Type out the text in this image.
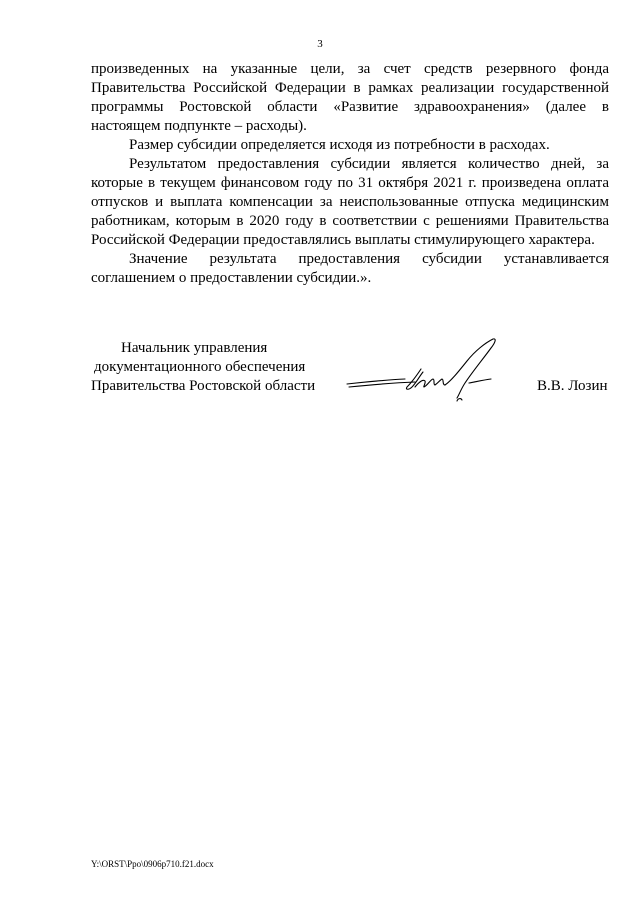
3

произведенных на указанные цели, за счет средств резервного фонда Правительства Российской Федерации в рамках реализации государственной программы Ростовской области «Развитие здравоохранения» (далее в настоящем подпункте – расходы).

Размер субсидии определяется исходя из потребности в расходах.

Результатом предоставления субсидии является количество дней, за которые в текущем финансовом году по 31 октября 2021 г. произведена оплата отпусков и выплата компенсации за неиспользованные отпуска медицинским работникам, которым в 2020 году в соответствии с решениями Правительства Российской Федерации предоставлялись выплаты стимулирующего характера.

Значение результата предоставления субсидии устанавливается соглашением о предоставлении субсидии.».

Начальник управления
документационного обеспечения
Правительства Ростовской области	В.В. Лозин
Y:\ORST\Ppo\0906p710.f21.docx
